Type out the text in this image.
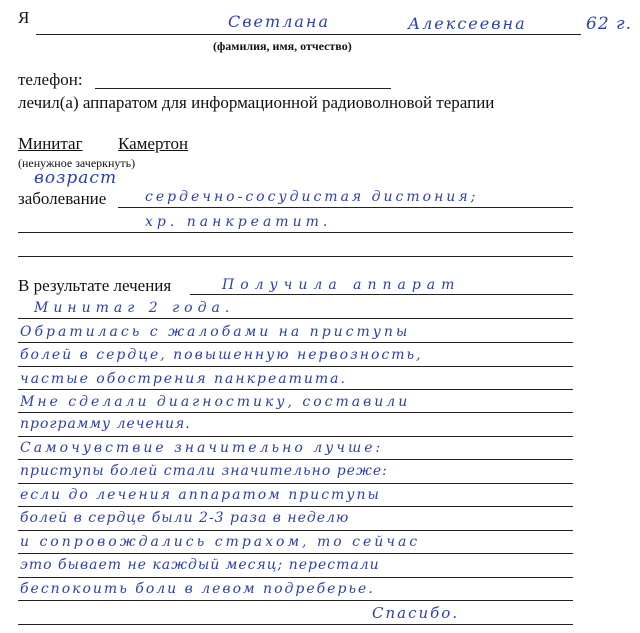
Я
(фамилия, имя, отчество)
телефон:
лечил(а) аппаратом для информационной радиоволновой терапии
Минитаг Камертон
(ненужное зачеркнуть)
заболевание
В результате лечения
Светлана	Алексеевна	62 г.
возраст
сердечно-сосудистая дистония;
хр. панкреатит.
Получила аппарат
Минитаг 2 года.
Обратилась с жалобами на приступы
болей в сердце, повышенную нервозность,
частые обострения панкреатита.
Мне сделали диагностику, составили
программу лечения.
Самочувствие значительно лучше:
приступы болей стали значительно реже:
если до лечения аппаратом приступы
болей в сердце были 2-3 раза в неделю
и сопровождались страхом, то сейчас
это бывает не каждый месяц; перестали
беспокоить боли в левом подреберье.
Спасибо.
